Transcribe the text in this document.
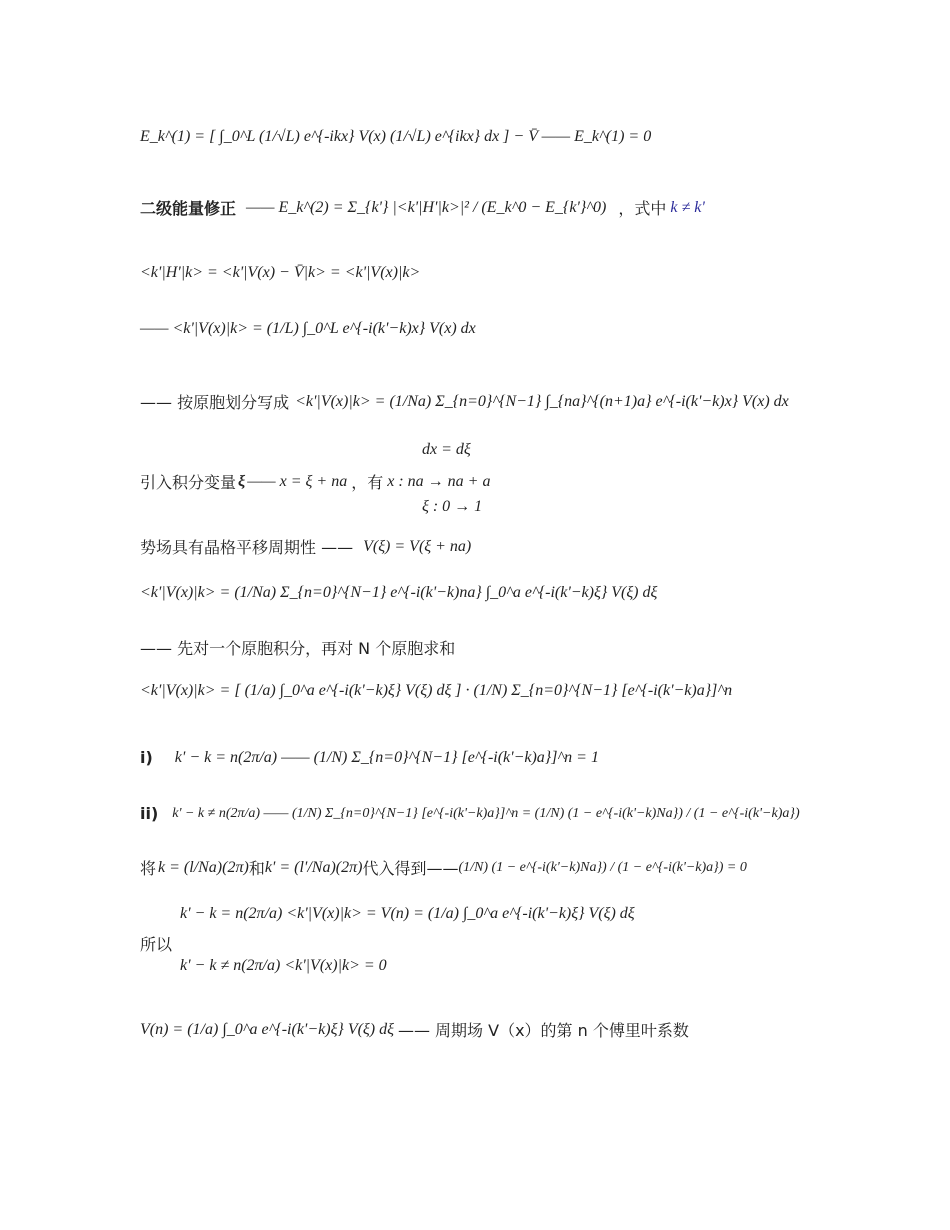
E_k^(1) = [ ∫_0^L (1/√L) e^{-ikx} V(x) (1/√L) e^{ikx} dx ] − V̄ —— E_k^(1) = 0
二级能量修正 —— E_k^(2) = Σ_{k'} |<k'|H'|k>|² / (E_k^0 − E_{k'}^0) ，式中 k ≠ k'
<k'|H'|k> = <k'|V(x) − V̄|k> = <k'|V(x)|k>
—— <k'|V(x)|k> = (1/L) ∫_0^L e^{-i(k'−k)x} V(x) dx
—— 按原胞划分写成 <k'|V(x)|k> = (1/Na) Σ_{n=0}^{N−1} ∫_{na}^{(n+1)a} e^{-i(k'−k)x} V(x) dx
dx = dξ
引入积分变量 ξ —— x = ξ + na ，有 x : na → na + a
ξ : 0 → 1
势场具有晶格平移周期性 —— V(ξ) = V(ξ + na)
<k'|V(x)|k> = (1/Na) Σ_{n=0}^{N−1} e^{-i(k'−k)na} ∫_0^a e^{-i(k'−k)ξ} V(ξ) dξ
—— 先对一个原胞积分，再对 N 个原胞求和
<k'|V(x)|k> = [ (1/a) ∫_0^a e^{-i(k'−k)ξ} V(ξ) dξ ] · (1/N) Σ_{n=0}^{N−1} [e^{-i(k'−k)a}]^n
i) k' − k = n(2π/a) —— (1/N) Σ_{n=0}^{N−1} [e^{-i(k'−k)a}]^n = 1
ii) k' − k ≠ n(2π/a) —— (1/N) Σ_{n=0}^{N−1} [e^{-i(k'−k)a}]^n = (1/N) (1 − e^{-i(k'−k)Na}) / (1 − e^{-i(k'−k)a})
将 k = (l/Na)(2π) 和 k' = (l'/Na)(2π) 代入得到—— (1/N) (1 − e^{-i(k'−k)Na}) / (1 − e^{-i(k'−k)a}) = 0
k' − k = n(2π/a) <k'|V(x)|k> = V(n) = (1/a) ∫_0^a e^{-i(k'−k)ξ} V(ξ) dξ
所以
k' − k ≠ n(2π/a) <k'|V(x)|k> = 0
V(n) = (1/a) ∫_0^a e^{-i(k'−k)ξ} V(ξ) dξ —— 周期场 V（x）的第 n 个傅里叶系数
